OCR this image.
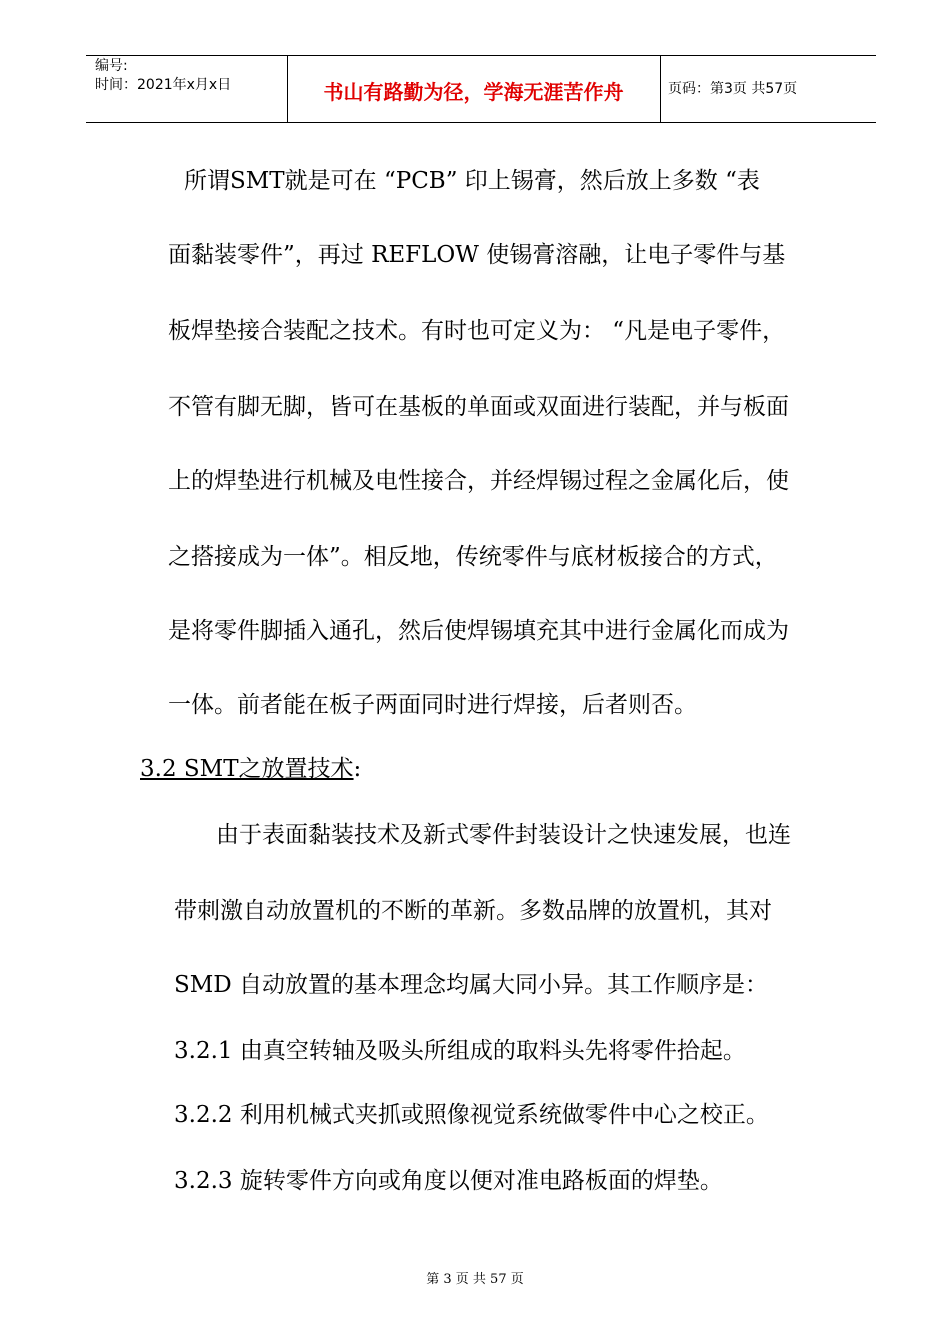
编号:
时间：2021年x月x日	书山有路勤为径，学海无涯苦作舟	页码：第3页 共57页
所谓SMT就是可在 “PCB” 印上锡膏，然后放上多数 “表
面黏装零件”，再过 REFLOW 使锡膏溶融，让电子零件与基
板焊垫接合装配之技术。有时也可定义为： “凡是电子零件，
不管有脚无脚，皆可在基板的单面或双面进行装配，并与板面
上的焊垫进行机械及电性接合，并经焊锡过程之金属化后，使
之搭接成为一体”。相反地，传统零件与底材板接合的方式，
是将零件脚插入通孔，然后使焊锡填充其中进行金属化而成为
一体。前者能在板子两面同时进行焊接，后者则否。
3.2 SMT之放置技术:
由于表面黏装技术及新式零件封装设计之快速发展，也连
带刺激自动放置机的不断的革新。多数品牌的放置机，其对
SMD 自动放置的基本理念均属大同小异。其工作顺序是：
3.2.1 由真空转轴及吸头所组成的取料头先将零件拾起。
3.2.2 利用机械式夹抓或照像视觉系统做零件中心之校正。
3.2.3 旋转零件方向或角度以便对准电路板面的焊垫。
第 3 页 共 57 页
